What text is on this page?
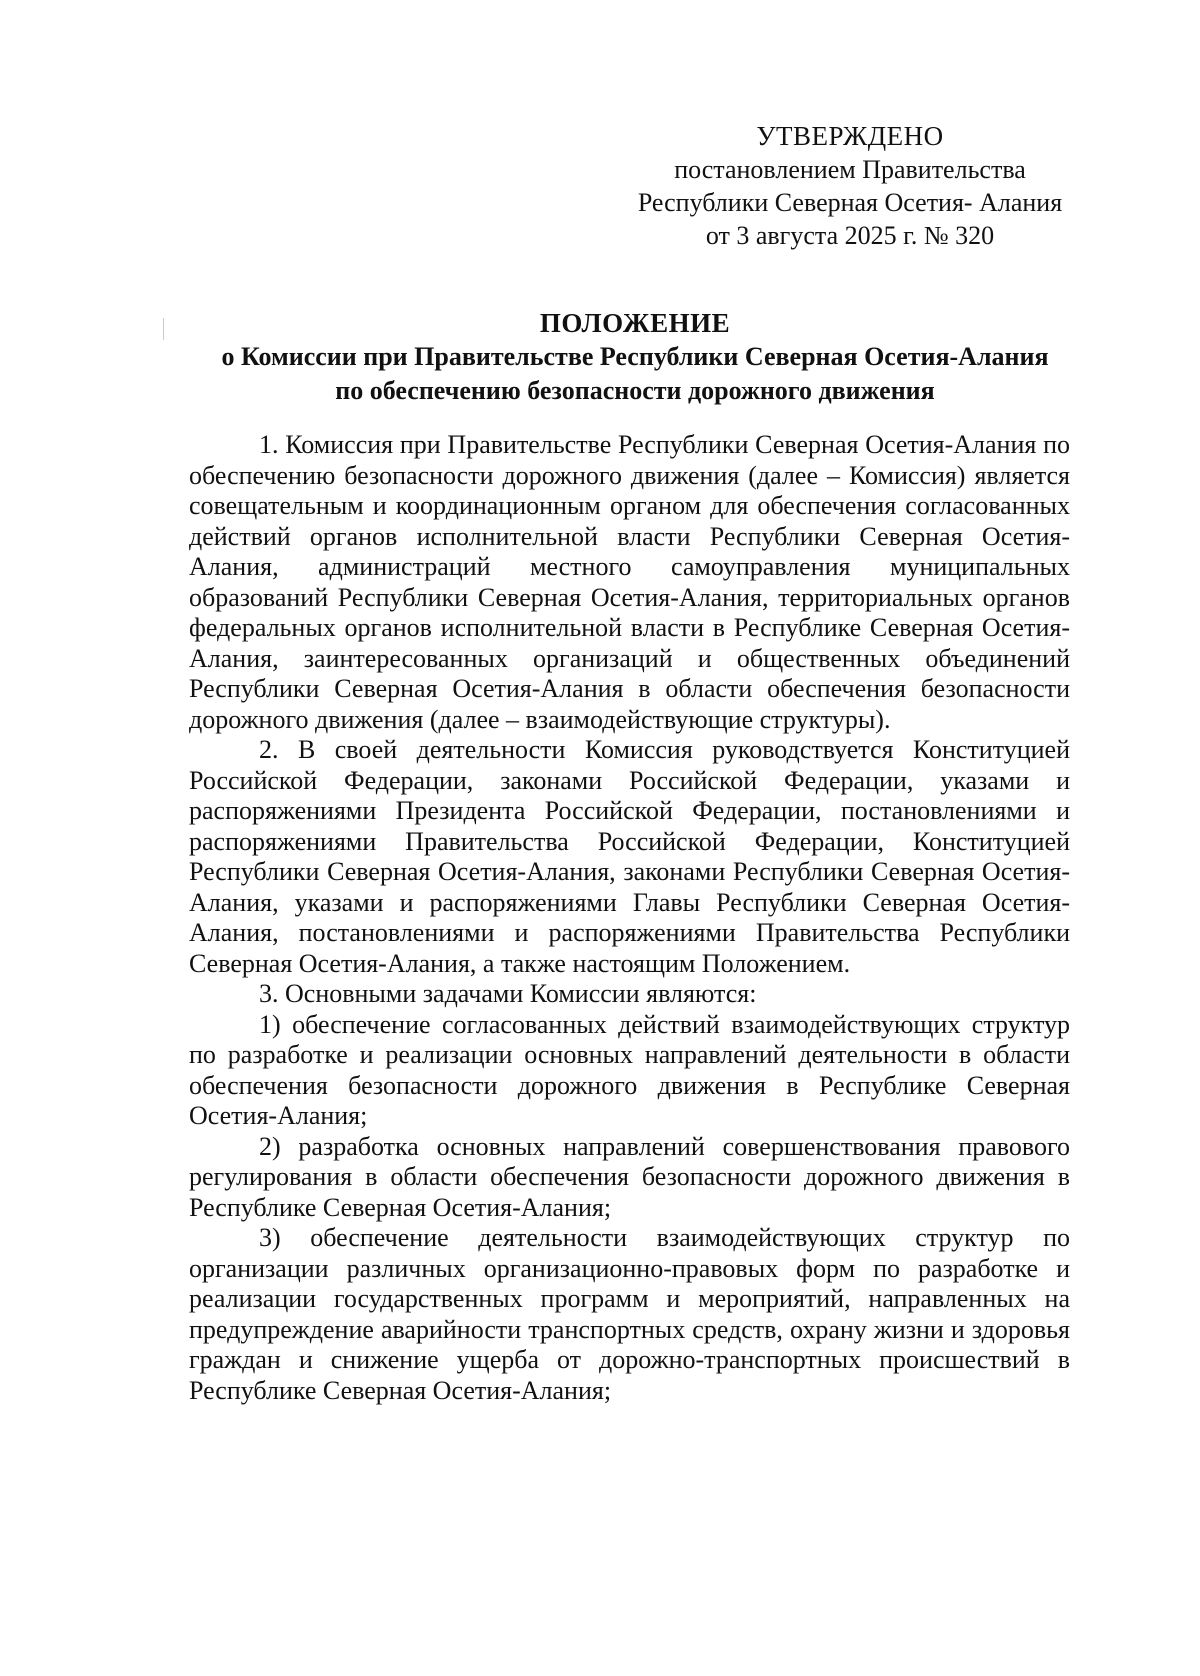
УТВЕРЖДЕНО
постановлением Правительства
Республики Северная Осетия- Алания
от 3 августа 2025 г. № 320
ПОЛОЖЕНИЕ
о Комиссии при Правительстве Республики Северная Осетия-Алания
по обеспечению безопасности дорожного движения

1. Комиссия при Правительстве Республики Северная Осетия-Алания по обеспечению безопасности дорожного движения (далее – Комиссия) является совещательным и координационным органом для обеспечения согласованных действий органов исполнительной власти Республики Северная Осетия-Алания, администраций местного самоуправления муниципальных образований Республики Северная Осетия-Алания, территориальных органов федеральных органов исполнительной власти в Республике Северная Осетия-Алания, заинтересованных организаций и общественных объединений Республики Северная Осетия-Алания в области обеспечения безопасности дорожного движения (далее – взаимодействующие структуры).

2. В своей деятельности Комиссия руководствуется Конституцией Российской Федерации, законами Российской Федерации, указами и распоряжениями Президента Российской Федерации, постановлениями и распоряжениями Правительства Российской Федерации, Конституцией Республики Северная Осетия-Алания, законами Республики Северная Осетия-Алания, указами и распоряжениями Главы Республики Северная Осетия-Алания, постановлениями и распоряжениями Правительства Республики Северная Осетия-Алания, а также настоящим Положением.

3. Основными задачами Комиссии являются:

1) обеспечение согласованных действий взаимодействующих структур по разработке и реализации основных направлений деятельности в области обеспечения безопасности дорожного движения в Республике Северная Осетия-Алания;

2) разработка основных направлений совершенствования правового регулирования в области обеспечения безопасности дорожного движения в Республике Северная Осетия-Алания;

3) обеспечение деятельности взаимодействующих структур по организации различных организационно-правовых форм по разработке и реализации государственных программ и мероприятий, направленных на предупреждение аварийности транспортных средств, охрану жизни и здоровья граждан и снижение ущерба от дорожно-транспортных происшествий в Республике Северная Осетия-Алания;
